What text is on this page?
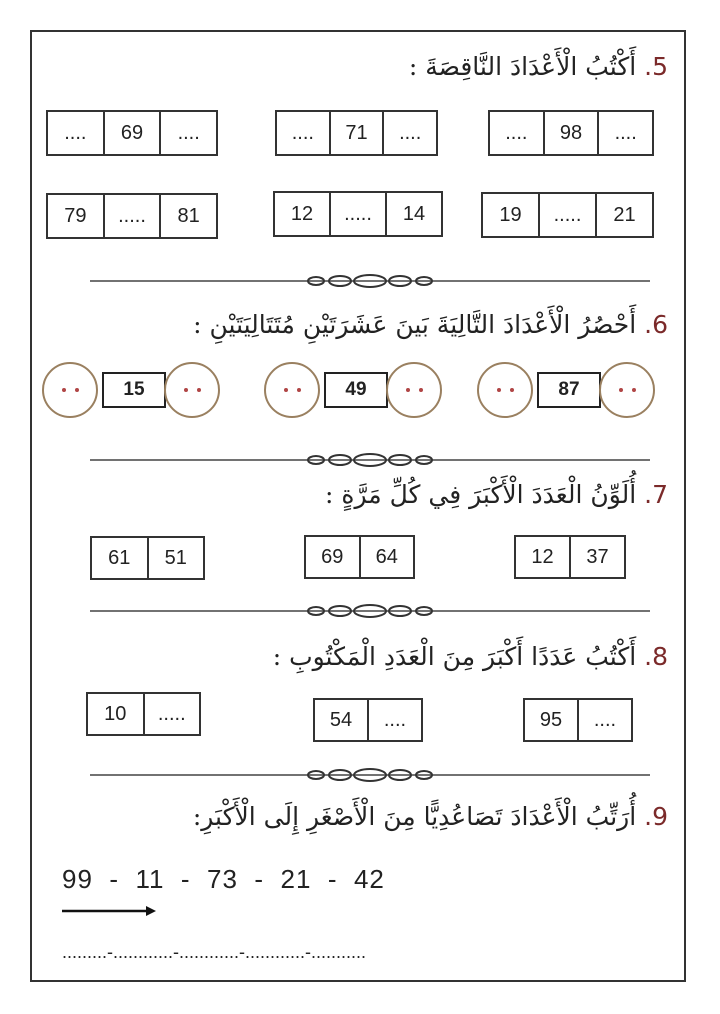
5. أَكْتُبُ الْأَعْدَادَ النَّاقِصَةَ :
....	69	....	....	71	....	....	98	....
79	.....	81	12	.....	14	19	.....	21
6. أَحْصُرُ الْأَعْدَادَ التَّالِيَةَ بَينَ عَشَرَتَيْنِ مُتَتَالِيَتَيْنِ :
15	49	87
7. أُلَوِّنُ الْعَدَدَ الْأَكْبَرَ فِي كُلِّ مَرَّةٍ :
61	51	69	64	12	37
8. أَكْتُبُ عَدَدًا أَكْبَرَ مِنَ الْعَدَدِ الْمَكْتُوبِ :
10	.....	54	....	95	....
9. أُرَتِّبُ الْأَعْدَادَ تَصَاعُدِيًّا مِنَ الْأَصْغَرِ إِلَى الْأَكْبَرِ:
99  -  11  -  73  -  21  -  42
.........-............-............-............-...........
